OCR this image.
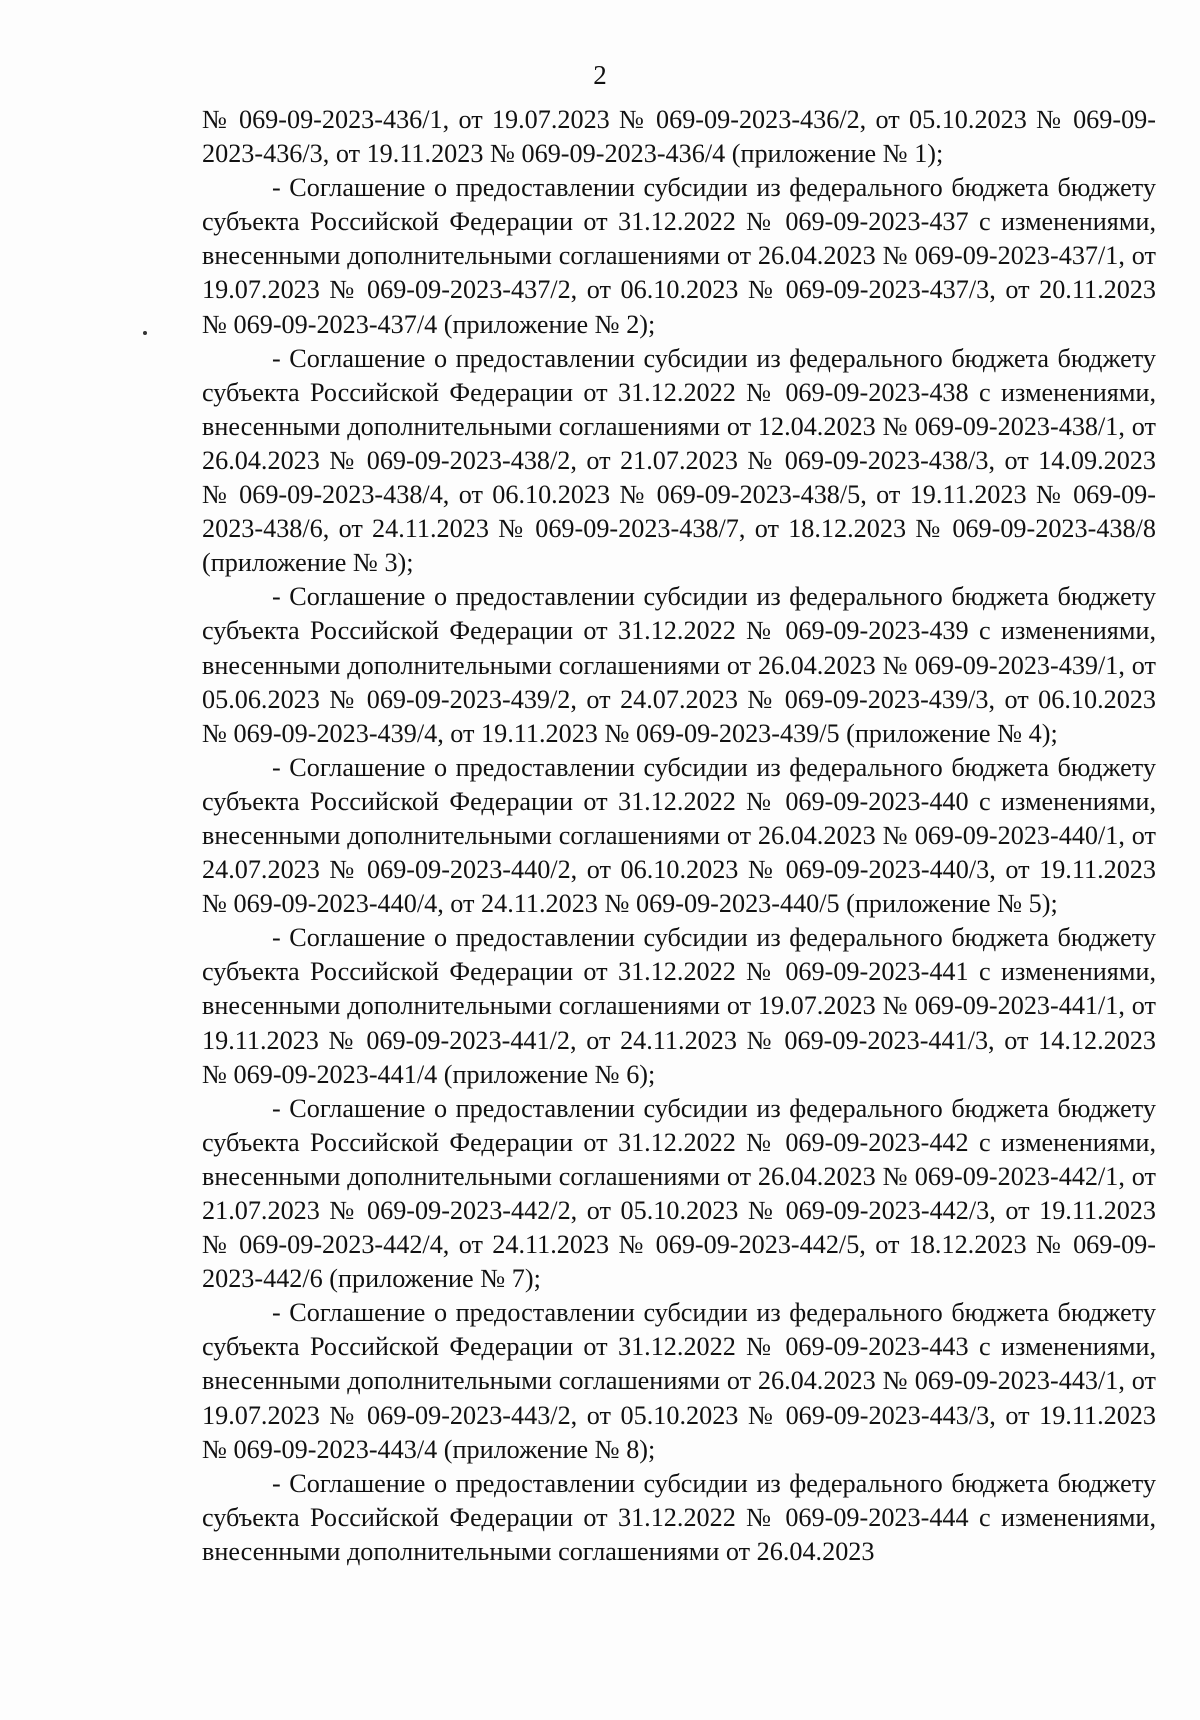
2

№ 069-09-2023-436/1, от 19.07.2023 № 069-09-2023-436/2, от 05.10.2023 № 069-09-2023-436/3, от 19.11.2023 № 069-09-2023-436/4 (приложение № 1);

- Соглашение о предоставлении субсидии из федерального бюджета бюджету субъекта Российской Федерации от 31.12.2022 № 069-09-2023-437 с изменениями, внесенными дополнительными соглашениями от 26.04.2023 № 069-09-2023-437/1, от 19.07.2023 № 069-09-2023-437/2, от 06.10.2023 № 069-09-2023-437/3, от 20.11.2023 № 069-09-2023-437/4 (приложение № 2);

- Соглашение о предоставлении субсидии из федерального бюджета бюджету субъекта Российской Федерации от 31.12.2022 № 069-09-2023-438 с изменениями, внесенными дополнительными соглашениями от 12.04.2023 № 069-09-2023-438/1, от 26.04.2023 № 069-09-2023-438/2, от 21.07.2023 № 069-09-2023-438/3, от 14.09.2023 № 069-09-2023-438/4, от 06.10.2023 № 069-09-2023-438/5, от 19.11.2023 № 069-09-2023-438/6, от 24.11.2023 № 069-09-2023-438/7, от 18.12.2023 № 069-09-2023-438/8 (приложение № 3);

- Соглашение о предоставлении субсидии из федерального бюджета бюджету субъекта Российской Федерации от 31.12.2022 № 069-09-2023-439 с изменениями, внесенными дополнительными соглашениями от 26.04.2023 № 069-09-2023-439/1, от 05.06.2023 № 069-09-2023-439/2, от 24.07.2023 № 069-09-2023-439/3, от 06.10.2023 № 069-09-2023-439/4, от 19.11.2023 № 069-09-2023-439/5 (приложение № 4);

- Соглашение о предоставлении субсидии из федерального бюджета бюджету субъекта Российской Федерации от 31.12.2022 № 069-09-2023-440 с изменениями, внесенными дополнительными соглашениями от 26.04.2023 № 069-09-2023-440/1, от 24.07.2023 № 069-09-2023-440/2, от 06.10.2023 № 069-09-2023-440/3, от 19.11.2023 № 069-09-2023-440/4, от 24.11.2023 № 069-09-2023-440/5 (приложение № 5);

- Соглашение о предоставлении субсидии из федерального бюджета бюджету субъекта Российской Федерации от 31.12.2022 № 069-09-2023-441 с изменениями, внесенными дополнительными соглашениями от 19.07.2023 № 069-09-2023-441/1, от 19.11.2023 № 069-09-2023-441/2, от 24.11.2023 № 069-09-2023-441/3, от 14.12.2023 № 069-09-2023-441/4 (приложение № 6);

- Соглашение о предоставлении субсидии из федерального бюджета бюджету субъекта Российской Федерации от 31.12.2022 № 069-09-2023-442 с изменениями, внесенными дополнительными соглашениями от 26.04.2023 № 069-09-2023-442/1, от 21.07.2023 № 069-09-2023-442/2, от 05.10.2023 № 069-09-2023-442/3, от 19.11.2023 № 069-09-2023-442/4, от 24.11.2023 № 069-09-2023-442/5, от 18.12.2023 № 069-09-2023-442/6 (приложение № 7);

- Соглашение о предоставлении субсидии из федерального бюджета бюджету субъекта Российской Федерации от 31.12.2022 № 069-09-2023-443 с изменениями, внесенными дополнительными соглашениями от 26.04.2023 № 069-09-2023-443/1, от 19.07.2023 № 069-09-2023-443/2, от 05.10.2023 № 069-09-2023-443/3, от 19.11.2023 № 069-09-2023-443/4 (приложение № 8);

- Соглашение о предоставлении субсидии из федерального бюджета бюджету субъекта Российской Федерации от 31.12.2022 № 069-09-2023-444 с изменениями, внесенными дополнительными соглашениями от 26.04.2023
